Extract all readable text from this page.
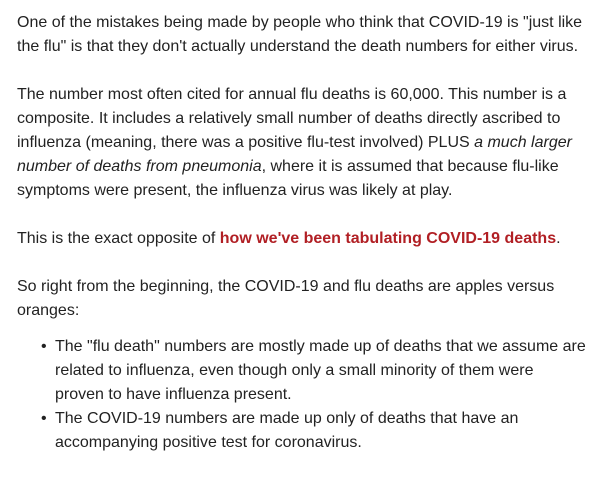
One of the mistakes being made by people who think that COVID-19 is "just like the flu" is that they don't actually understand the death numbers for either virus.

The number most often cited for annual flu deaths is 60,000. This number is a composite. It includes a relatively small number of deaths directly ascribed to influenza (meaning, there was a positive flu-test involved) PLUS a much larger number of deaths from pneumonia, where it is assumed that because flu-like symptoms were present, the influenza virus was likely at play.

This is the exact opposite of how we've been tabulating COVID-19 deaths.

So right from the beginning, the COVID-19 and flu deaths are apples versus oranges:

• The "flu death" numbers are mostly made up of deaths that we assume are related to influenza, even though only a small minority of them were proven to have influenza present.
• The COVID-19 numbers are made up only of deaths that have an accompanying positive test for coronavirus.
